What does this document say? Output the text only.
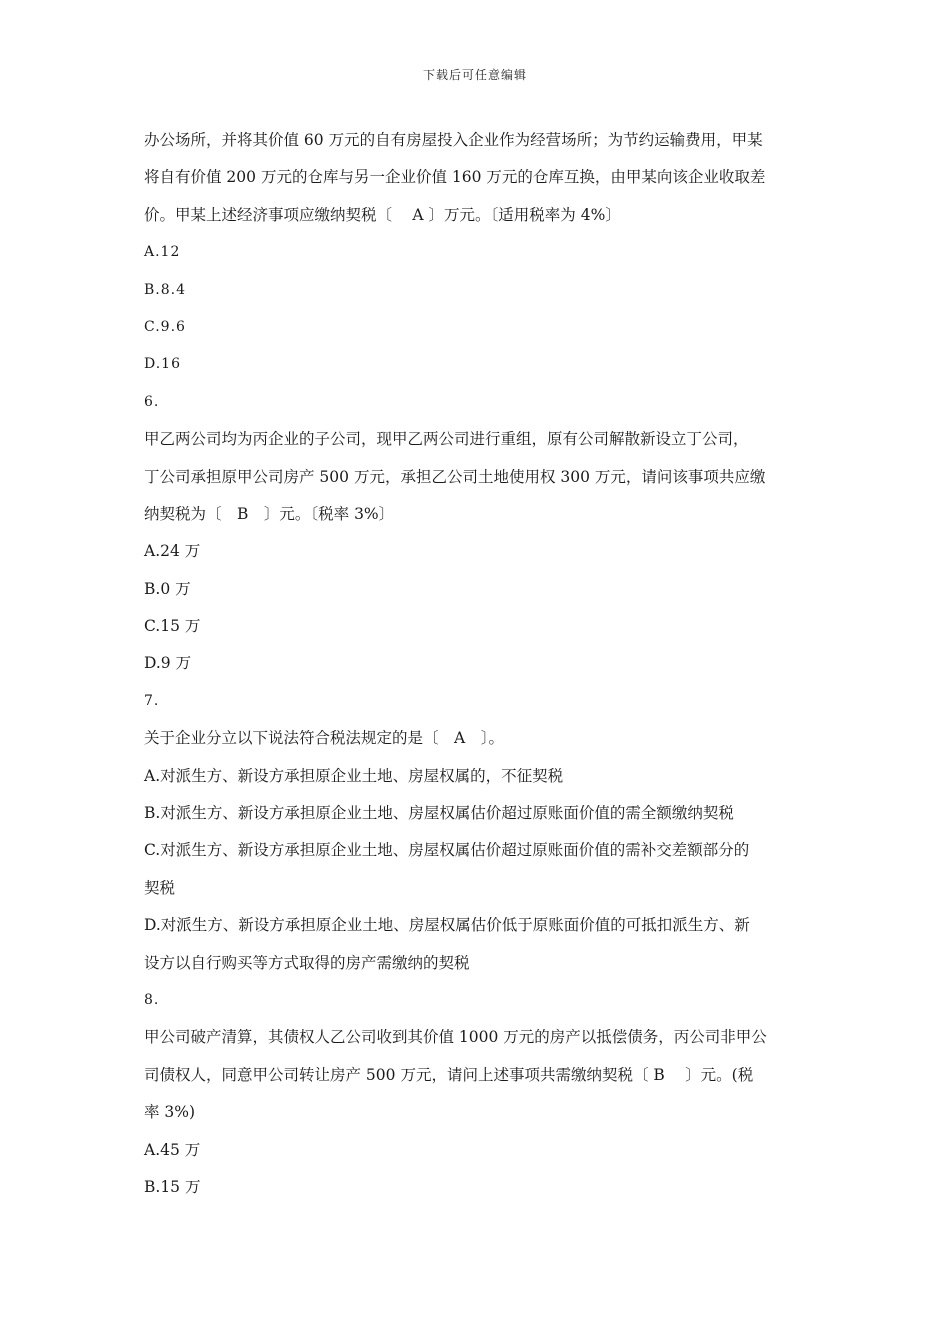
下载后可任意编辑
办公场所，并将其价值 60 万元的自有房屋投入企业作为经营场所；为节约运输费用，甲某
将自有价值 200 万元的仓库与另一企业价值 160 万元的仓库互换，由甲某向该企业收取差
价。甲某上述经济事项应缴纳契税〔　 A 〕万元。〔适用税率为 4%〕
A.12
B.8.4
C.9.6
D.16
6.
甲乙两公司均为丙企业的子公司，现甲乙两公司进行重组，原有公司解散新设立丁公司，
丁公司承担原甲公司房产 500 万元，承担乙公司土地使用权 300 万元，请问该事项共应缴
纳契税为〔　B　〕元。〔税率 3%〕
A.24 万
B.0 万
C.15 万
D.9 万
7.
关于企业分立以下说法符合税法规定的是〔　A　〕。
A.对派生方、新设方承担原企业土地、房屋权属的，不征契税
B.对派生方、新设方承担原企业土地、房屋权属估价超过原账面价值的需全额缴纳契税
C.对派生方、新设方承担原企业土地、房屋权属估价超过原账面价值的需补交差额部分的
契税
D.对派生方、新设方承担原企业土地、房屋权属估价低于原账面价值的可抵扣派生方、新
设方以自行购买等方式取得的房产需缴纳的契税
8.
甲公司破产清算，其债权人乙公司收到其价值 1000 万元的房产以抵偿债务，丙公司非甲公
司债权人，同意甲公司转让房产 500 万元，请问上述事项共需缴纳契税〔 B 　〕元。(税
率 3%)
A.45 万
B.15 万
